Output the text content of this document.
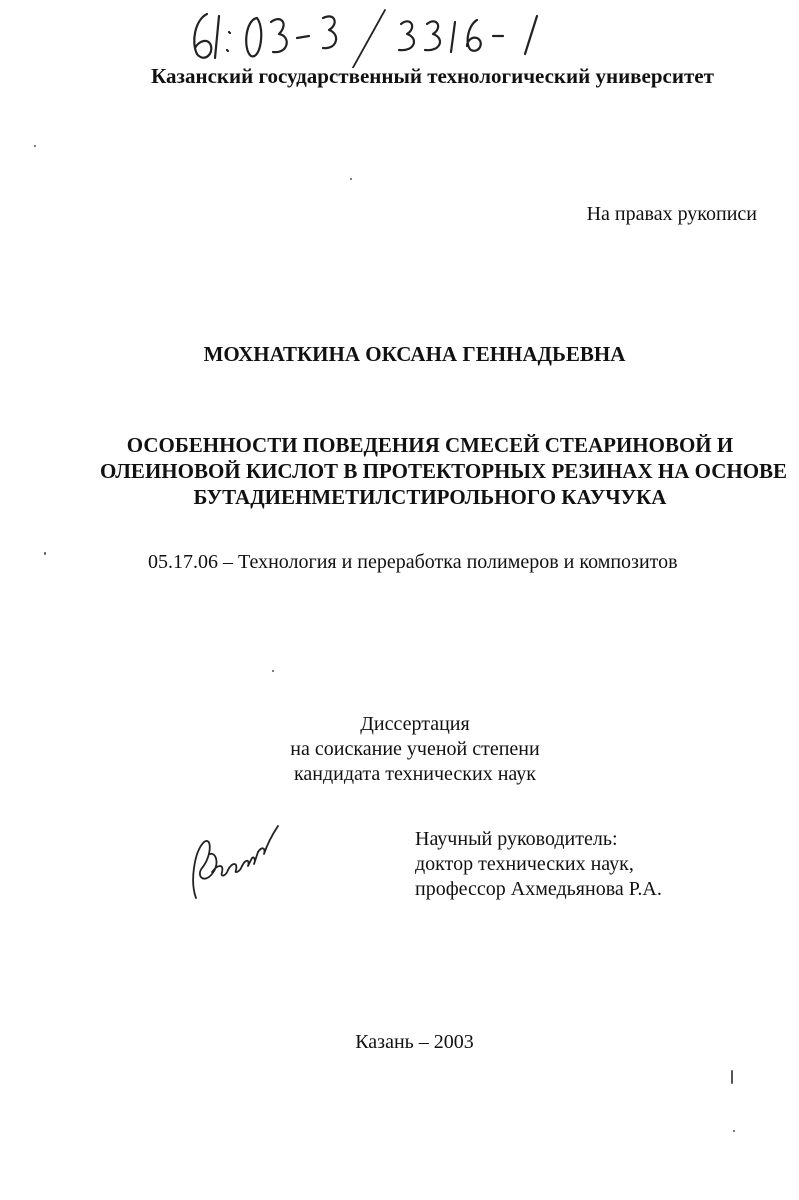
Казанский государственный технологический университет
На правах рукописи
МОХНАТКИНА ОКСАНА ГЕННАДЬЕВНА
ОСОБЕННОСТИ ПОВЕДЕНИЯ СМЕСЕЙ СТЕАРИНОВОЙ И
ОЛЕИНОВОЙ КИСЛОТ В ПРОТЕКТОРНЫХ РЕЗИНАХ НА ОСНОВЕ
БУТАДИЕНМЕТИЛСТИРОЛЬНОГО КАУЧУКА
05.17.06 – Технология и переработка полимеров и композитов
Диссертация
на соискание ученой степени
кандидата технических наук
Научный руководитель:
доктор технических наук,
профессор Ахмедьянова Р.А.
Казань – 2003
